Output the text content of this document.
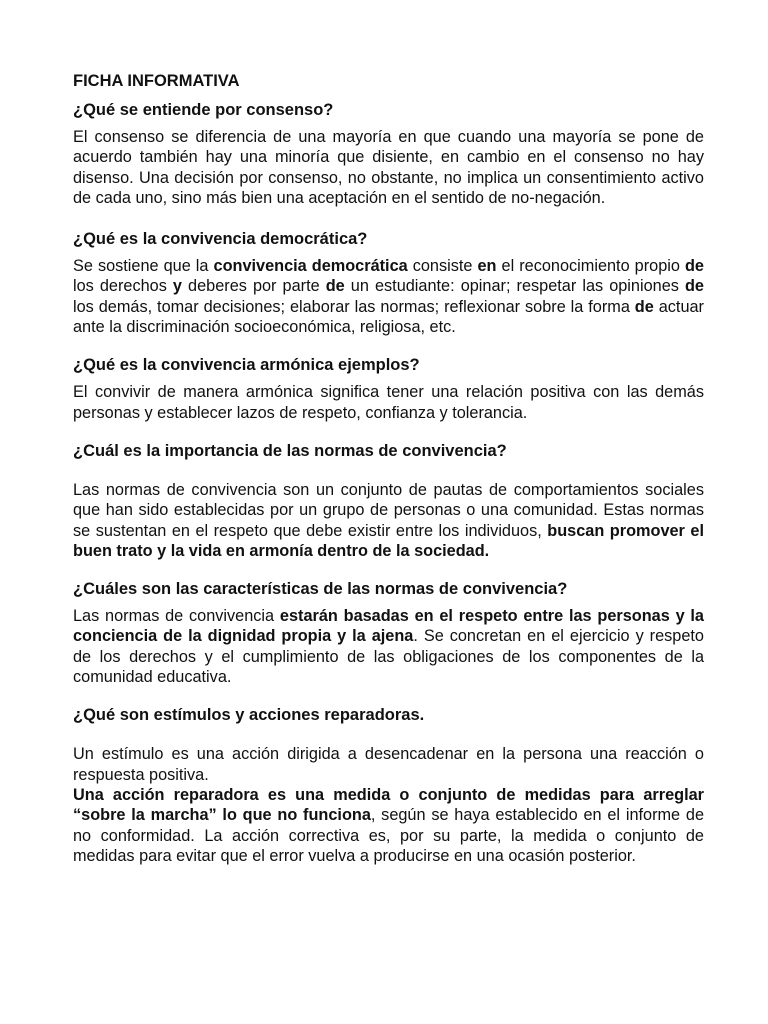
FICHA INFORMATIVA
¿Qué se entiende por consenso?

El consenso se diferencia de una mayoría en que cuando una mayoría se pone de acuerdo también hay una minoría que disiente, en cambio en el consenso no hay disenso. Una decisión por consenso, no obstante, no implica un consentimiento activo de cada uno, sino más bien una aceptación en el sentido de no-negación.

¿Qué es la convivencia democrática?

Se sostiene que la convivencia democrática consiste en el reconocimiento propio de los derechos y deberes por parte de un estudiante: opinar; respetar las opiniones de los demás, tomar decisiones; elaborar las normas; reflexionar sobre la forma de actuar ante la discriminación socioeconómica, religiosa, etc.

¿Qué es la convivencia armónica ejemplos?

El convivir de manera armónica significa tener una relación positiva con las demás personas y establecer lazos de respeto, confianza y tolerancia.

¿Cuál es la importancia de las normas de convivencia?

Las normas de convivencia son un conjunto de pautas de comportamientos sociales que han sido establecidas por un grupo de personas o una comunidad. Estas normas se sustentan en el respeto que debe existir entre los individuos, buscan promover el buen trato y la vida en armonía dentro de la sociedad.

¿Cuáles son las características de las normas de convivencia?

Las normas de convivencia estarán basadas en el respeto entre las personas y la conciencia de la dignidad propia y la ajena. Se concretan en el ejercicio y respeto de los derechos y el cumplimiento de las obligaciones de los componentes de la comunidad educativa.

¿Qué son estímulos y acciones reparadoras.

Un estímulo es una acción dirigida a desencadenar en la persona una reacción o respuesta positiva.

Una acción reparadora es una medida o conjunto de medidas para arreglar “sobre la marcha” lo que no funciona, según se haya establecido en el informe de no conformidad. La acción correctiva es, por su parte, la medida o conjunto de medidas para evitar que el error vuelva a producirse en una ocasión posterior.
